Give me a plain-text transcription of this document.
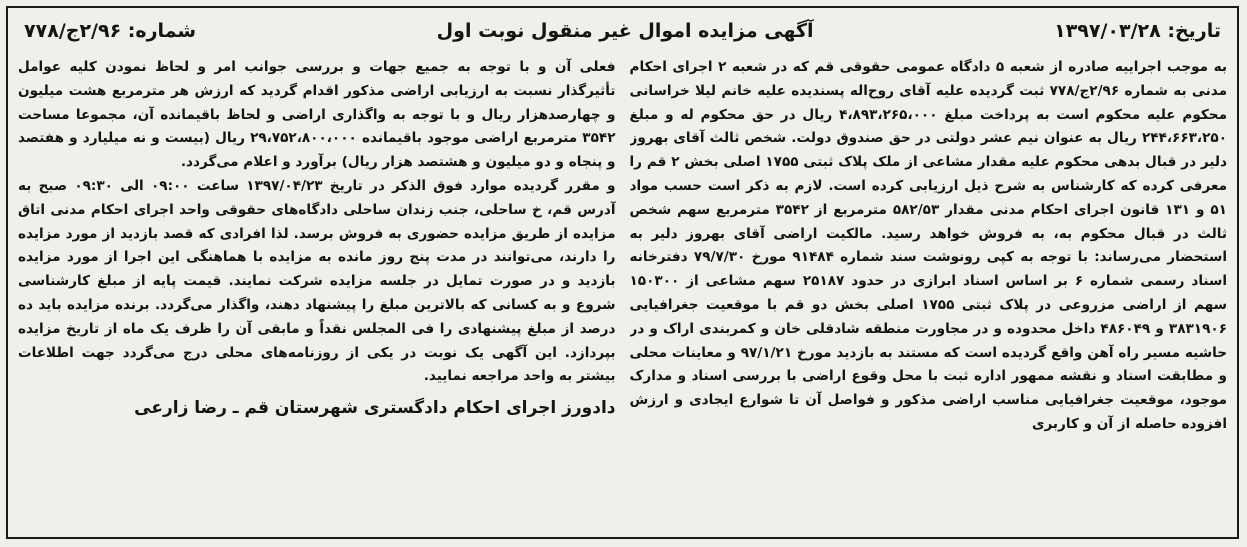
تاریخ: ۱۳۹۷/۰۳/۲۸
آگهی مزایده اموال غیر منقول نوبت اول
شماره: ۲/۹۶ج/۷۷۸

به موجب اجراییه صادره از شعبه ۵ دادگاه عمومی حقوقی قم که در شعبه ۲ اجرای احکام مدنی به شماره ۲/۹۶ج/۷۷۸ ثبت گردیده علیه آقای روح‌اله پسندیده علیه خانم لیلا خراسانی محکوم علیه محکوم است به پرداخت مبلغ ۴،۸۹۳،۲۶۵،۰۰۰ ریال در حق محکوم له و مبلغ ۲۴۴،۶۶۳،۲۵۰ ریال به عنوان نیم عشر دولتی در حق صندوق دولت. شخص ثالث آقای بهروز دلیر در قبال بدهی محکوم علیه مقدار مشاعی از ملک پلاک ثبتی ۱۷۵۵ اصلی بخش ۲ قم را معرفی کرده که کارشناس به شرح ذیل ارزیابی کرده است. لازم به ذکر است حسب مواد ۵۱ و ۱۳۱ قانون اجرای احکام مدنی مقدار ۵۸۲/۵۳ مترمربع از ۳۵۴۲ مترمربع سهم شخص ثالث در قبال محکوم به، به فروش خواهد رسید. مالکیت اراضی آقای بهروز دلیر به استحضار می‌رساند: با توجه به کپی رونوشت سند شماره ۹۱۴۸۴ مورخ ۷۹/۷/۳۰ دفترخانه اسناد رسمی شماره ۶ بر اساس اسناد ابرازی در حدود ۲۵۱۸۷ سهم مشاعی از ۱۵۰۳۰۰ سهم از اراضی مزروعی در پلاک ثبتی ۱۷۵۵ اصلی بخش دو قم با موقعیت جغرافیایی ۳۸۳۱۹۰۶ و ۴۸۶۰۴۹ داخل محدوده و در مجاورت منطقه شادقلی خان و کمربندی اراک و در حاشیه مسیر راه آهن واقع گردیده است که مستند به بازدید مورخ ۹۷/۱/۲۱ و معاینات محلی و مطابقت اسناد و نقشه ممهور اداره ثبت با محل وقوع اراضی با بررسی اسناد و مدارک موجود، موقعیت جغرافیایی مناسب اراضی مذکور و فواصل آن تا شوارع ایجادی و ارزش افزوده حاصله از آن و کاربری

فعلی آن و با توجه به جمیع جهات و بررسی جوانب امر و لحاظ نمودن کلیه عوامل تأثیرگذار نسبت به ارزیابی اراضی مذکور اقدام گردید که ارزش هر مترمربع هشت میلیون و چهارصدهزار ریال و با توجه به واگذاری اراضی و لحاظ باقیمانده آن، مجموعا مساحت ۳۵۴۲ مترمربع اراضی موجود باقیمانده ۲۹،۷۵۲،۸۰۰،۰۰۰ ریال (بیست و نه میلیارد و هفتصد و پنجاه و دو میلیون و هشتصد هزار ریال) برآورد و اعلام می‌گردد.

و مقرر گردیده موارد فوق الذکر در تاریخ ۱۳۹۷/۰۴/۲۳ ساعت ۰۹:۰۰ الی ۰۹:۳۰ صبح به آدرس قم، خ ساحلی، جنب زندان ساحلی دادگاه‌های حقوقی واحد اجرای احکام مدنی اتاق مزایده از طریق مزایده حضوری به فروش برسد. لذا افرادی که قصد بازدید از مورد مزایده را دارند، می‌توانند در مدت پنج روز مانده به مزایده با هماهنگی این اجرا از مورد مزایده بازدید و در صورت تمایل در جلسه مزایده شرکت نمایند. قیمت پایه از مبلغ کارشناسی شروع و به کسانی که بالاترین مبلغ را پیشنهاد دهند، واگذار می‌گردد. برنده مزایده باید ده درصد از مبلغ پیشنهادی را فی المجلس نقداً و مابقی آن را ظرف یک ماه از تاریخ مزایده بپردازد. این آگهی یک نوبت در یکی از روزنامه‌های محلی درج می‌گردد جهت اطلاعات بیشتر به واحد مراجعه نمایید.

دادورز اجرای احکام دادگستری شهرستان قم ـ رضا زارعی
